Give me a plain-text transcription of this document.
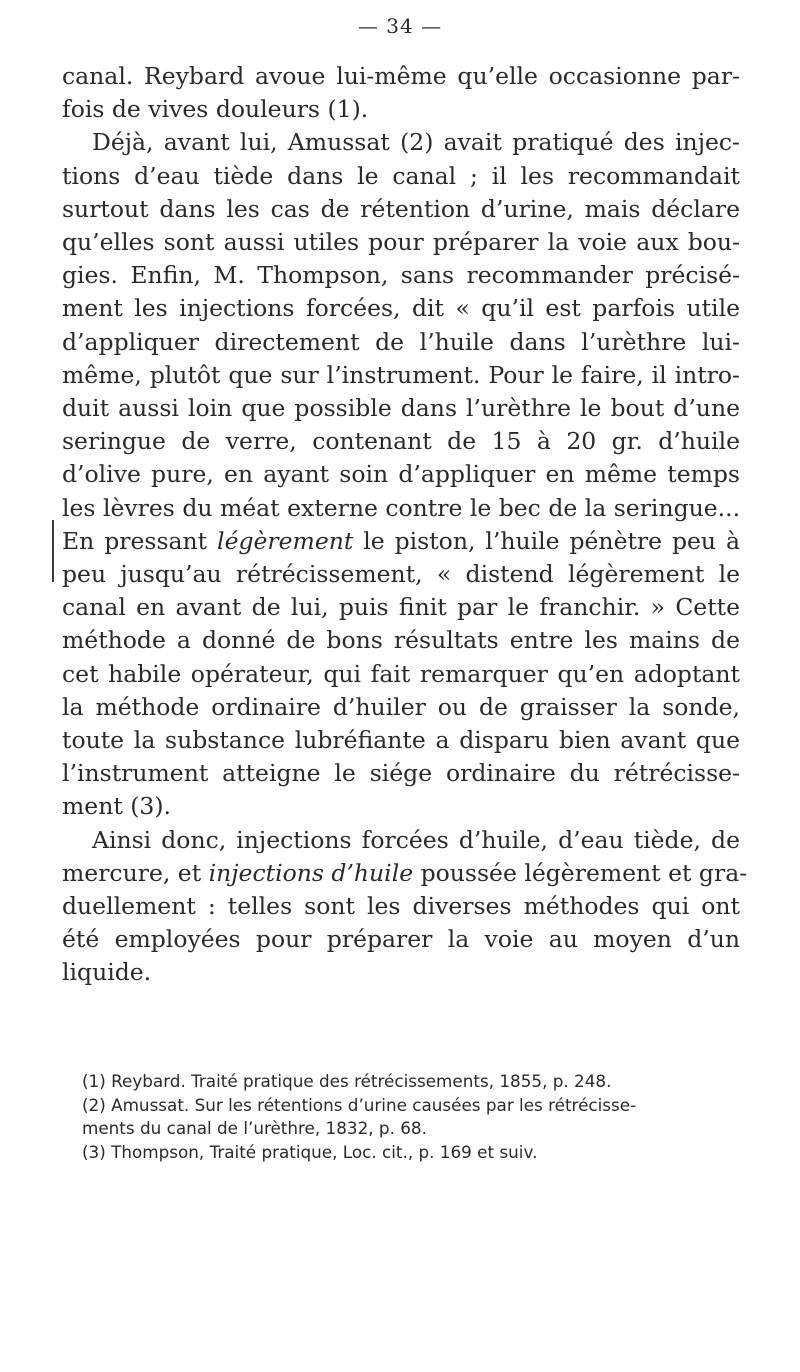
— 34 —
canal. Reybard avoue lui-même qu’elle occasionne par-
fois de vives douleurs (1).
Déjà, avant lui, Amussat (2) avait pratiqué des injec-
tions d’eau tiède dans le canal ; il les recommandait
surtout dans les cas de rétention d’urine, mais déclare
qu’elles sont aussi utiles pour préparer la voie aux bou-
gies. Enfin, M. Thompson, sans recommander précisé-
ment les injections forcées, dit « qu’il est parfois utile
d’appliquer directement de l’huile dans l’urèthre lui-
même, plutôt que sur l’instrument. Pour le faire, il intro-
duit aussi loin que possible dans l’urèthre le bout d’une
seringue de verre, contenant de 15 à 20 gr. d’huile
d’olive pure, en ayant soin d’appliquer en même temps
les lèvres du méat externe contre le bec de la seringue...
En pressant légèrement le piston, l’huile pénètre peu à
peu jusqu’au rétrécissement, « distend légèrement le
canal en avant de lui, puis finit par le franchir. » Cette
méthode a donné de bons résultats entre les mains de
cet habile opérateur, qui fait remarquer qu’en adoptant
la méthode ordinaire d’huiler ou de graisser la sonde,
toute la substance lubréfiante a disparu bien avant que
l’instrument atteigne le siége ordinaire du rétrécisse-
ment (3).
Ainsi donc, injections forcées d’huile, d’eau tiède, de
mercure, et injections d’huile poussée légèrement et gra-
duellement : telles sont les diverses méthodes qui ont
été employées pour préparer la voie au moyen d’un
liquide.
(1) Reybard. Traité pratique des rétrécissements, 1855, p. 248.
(2) Amussat. Sur les rétentions d’urine causées par les rétrécisse-
ments du canal de l’urèthre, 1832, p. 68.
(3) Thompson, Traité pratique, Loc. cit., p. 169 et suiv.
